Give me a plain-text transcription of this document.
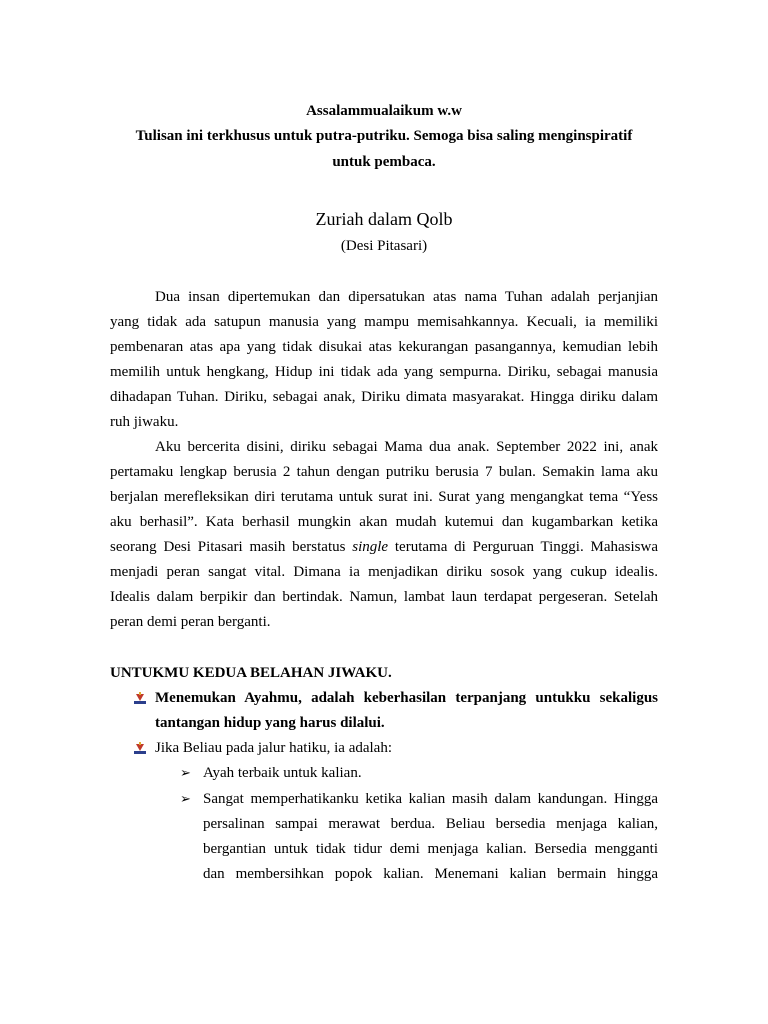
Assalammualaikum w.w
Tulisan ini terkhusus untuk putra-putriku. Semoga bisa saling menginspiratif
untuk pembaca.
Zuriah dalam Qolb
(Desi Pitasari)
Dua insan dipertemukan dan dipersatukan atas nama Tuhan adalah perjanjian
yang tidak ada satupun manusia yang mampu memisahkannya. Kecuali, ia memiliki
pembenaran atas apa yang tidak disukai atas kekurangan pasangannya, kemudian lebih
memilih untuk hengkang, Hidup ini tidak ada yang sempurna. Diriku, sebagai manusia
dihadapan Tuhan. Diriku, sebagai anak, Diriku dimata masyarakat. Hingga diriku dalam
ruh jiwaku.
Aku bercerita disini, diriku sebagai Mama dua anak. September 2022 ini, anak
pertamaku lengkap berusia 2 tahun dengan putriku berusia 7 bulan. Semakin lama aku
berjalan merefleksikan diri terutama untuk surat ini. Surat yang mengangkat tema “Yess
aku berhasil”. Kata berhasil mungkin akan mudah kutemui dan kugambarkan ketika
seorang Desi Pitasari masih berstatus single terutama di Perguruan Tinggi. Mahasiswa
menjadi peran sangat vital. Dimana ia menjadikan diriku sosok yang cukup idealis.
Idealis dalam berpikir dan bertindak. Namun, lambat laun terdapat pergeseran. Setelah
peran demi peran berganti.
UNTUKMU KEDUA BELAHAN JIWAKU.
Menemukan Ayahmu, adalah keberhasilan terpanjang untukku sekaligus
tantangan hidup yang harus dilalui.
Jika Beliau pada jalur hatiku, ia adalah:
➢ Ayah terbaik untuk kalian.
➢ Sangat memperhatikanku ketika kalian masih dalam kandungan. Hingga
persalinan sampai merawat berdua. Beliau bersedia menjaga kalian,
bergantian untuk tidak tidur demi menjaga kalian. Bersedia mengganti
dan membersihkan popok kalian. Menemani kalian bermain hingga
